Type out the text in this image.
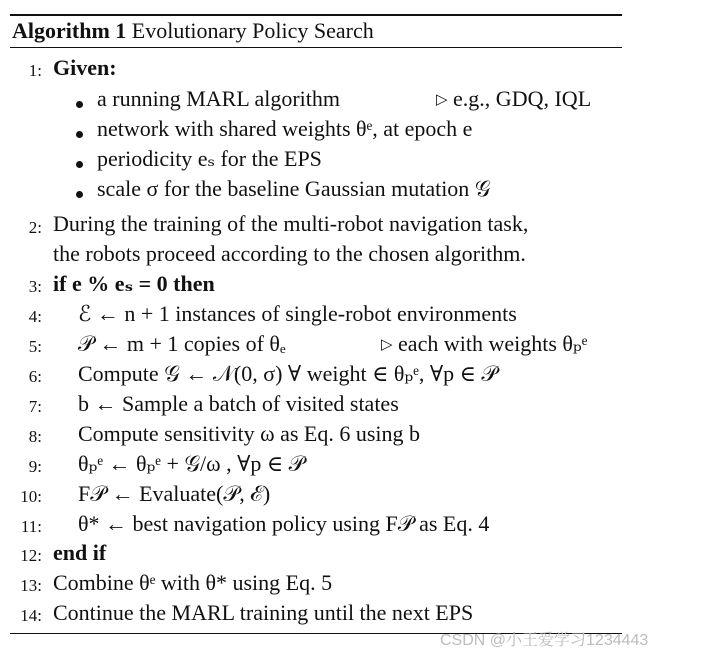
Algorithm 1 Evolutionary Policy Search
1: Given:
a running MARL algorithm	▷ e.g., GDQ, IQL
network with shared weights θᵉ, at epoch e
periodicity eₛ for the EPS
scale σ for the baseline Gaussian mutation 𝒢
2: During the training of the multi-robot navigation task,
the robots proceed according to the chosen algorithm.
3: if e % eₛ = 0 then
4: ℰ ← n + 1 instances of single-robot environments
5: 𝒫 ← m + 1 copies of θₑ	▷ each with weights θₚᵉ
6: Compute 𝒢 ← 𝒩(0, σ) ∀ weight ∈ θₚᵉ, ∀p ∈ 𝒫
7: b ← Sample a batch of visited states
8: Compute sensitivity ω as Eq. 6 using b
9: θₚᵉ ← θₚᵉ + 𝒢/ω , ∀p ∈ 𝒫
10: F𝒫 ← Evaluate(𝒫, ℰ)
11: θ* ← best navigation policy using F𝒫 as Eq. 4
12: end if
13: Combine θᵉ with θ* using Eq. 5
14: Continue the MARL training until the next EPS
CSDN @小王爱学习1234443
